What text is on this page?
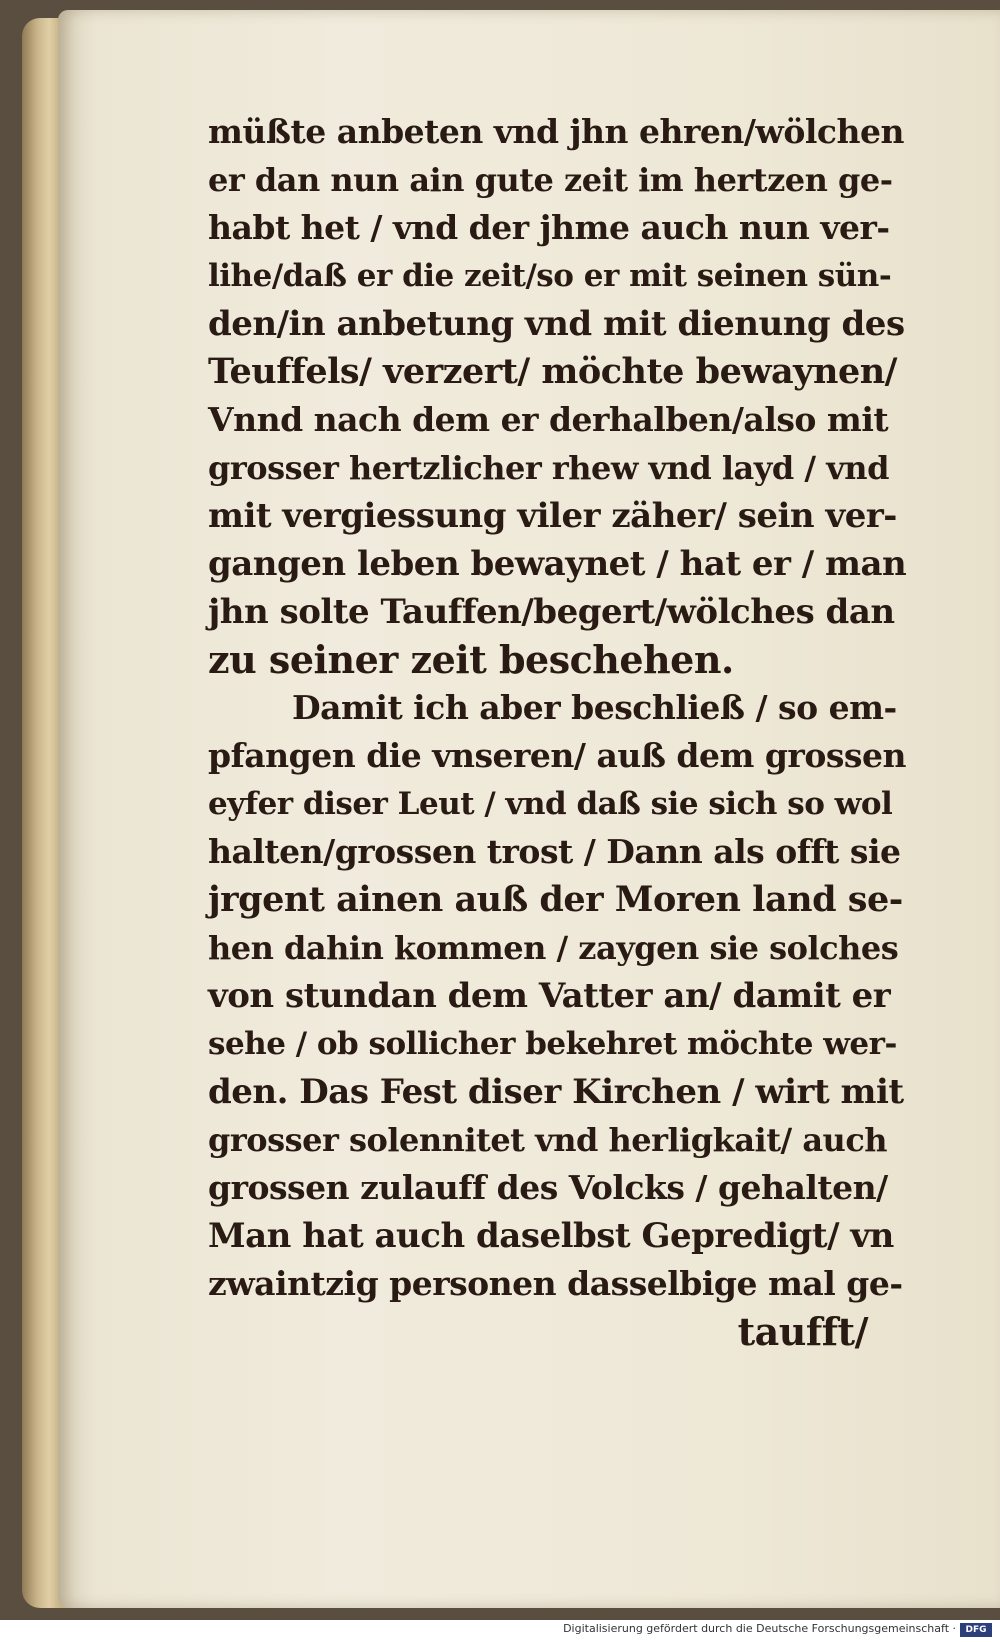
müßte anbeten vnd jhn ehren/wölchen
er dan nun ain gute zeit im hertzen ge-
habt het / vnd der jhme auch nun ver-
lihe/daß er die zeit/so er mit seinen sün-
den/in anbetung vnd mit dienung des
Teuffels/ verzert/ möchte bewaynen/
Vnnd nach dem er derhalben/also mit
grosser hertzlicher rhew vnd layd / vnd
mit vergiessung viler zäher/ sein ver-
gangen leben bewaynet / hat er / man
jhn solte Tauffen/begert/wölches dan
zu seiner zeit beschehen.
Damit ich aber beschließ / so em-
pfangen die vnseren/ auß dem grossen
eyfer diser Leut / vnd daß sie sich so wol
halten/grossen trost / Dann als offt sie
jrgent ainen auß der Moren land se-
hen dahin kommen / zaygen sie solches
von stundan dem Vatter an/ damit er
sehe / ob sollicher bekehret möchte wer-
den. Das Fest diser Kirchen / wirt mit
grosser solennitet vnd herligkait/ auch
grossen zulauff des Volcks / gehalten/
Man hat auch daselbst Gepredigt/ vn
zwaintzig personen dasselbige mal ge-
taufft/
Digitalisierung gefördert durch die Deutsche Forschungsgemeinschaft ·	DFG
